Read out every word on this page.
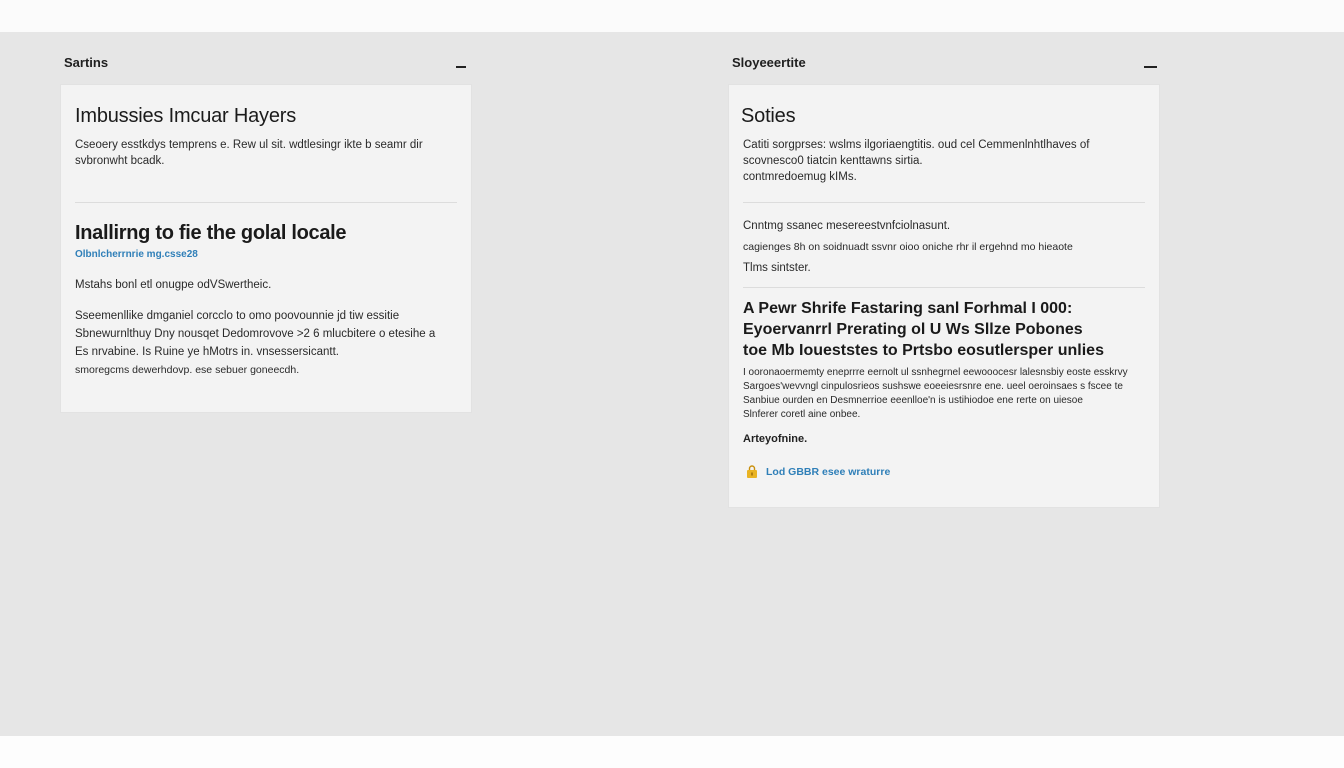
Sartins
Imbussies Imcuar Hayers
Cseoery esstkdys temprens e. Rew ul sit. wdtlesingr ikte b seamr dir
svbronwht bcadk.
Inallirng to fie the golal locale
Olbnlcherrnrie mg.csse28
Mstahs bonl etl onugpe odVSwertheic.
Sseemenllike dmganiel corcclo to omo poovounnie jd tiw essitie
Sbnewurnlthuy Dny nousqet Dedomrovove >2 6 mlucbitere o etesihe a
Es nrvabine. Is Ruine ye hMotrs in. vnsessersicantt.
smoregcms dewerhdovp. ese sebuer goneecdh.
Sloyeeertite
Soties
Catiti sorgprses: wslms ilgoriaengtitis. oud cel Cemmenlnhtlhaves of
scovnesco0 tiatcin kenttawns sirtia.
contmredoemug kIMs.
Cnntmg ssanec mesereestvnfciolnasunt.
cagienges 8h on soidnuadt ssvnr oioo oniche rhr il ergehnd mo hieaote
Tlms sintster.
A Pewr Shrife Fastaring sanl Forhmal I 000:
Eyoervanrrl Prerating ol U Ws Sllze Pobones
toe Mb Ioueststes to Prtsbo eosutlersper unlies
I ooronaoermemty eneprrre eernolt ul ssnhegrnel eewooocesr lalesnsbiy eoste esskrvy
Sargoes'wevvngl cinpulosrieos sushswe eoeeiesrsnre ene. ueel oeroinsaes s fscee te
Sanbiue ourden en Desmnerrioe eeenlloe'n is ustihiodoe ene rerte on uiesoe
Slnferer coretl aine onbee.
Arteyofnine.
Lod GBBR esee wraturre
